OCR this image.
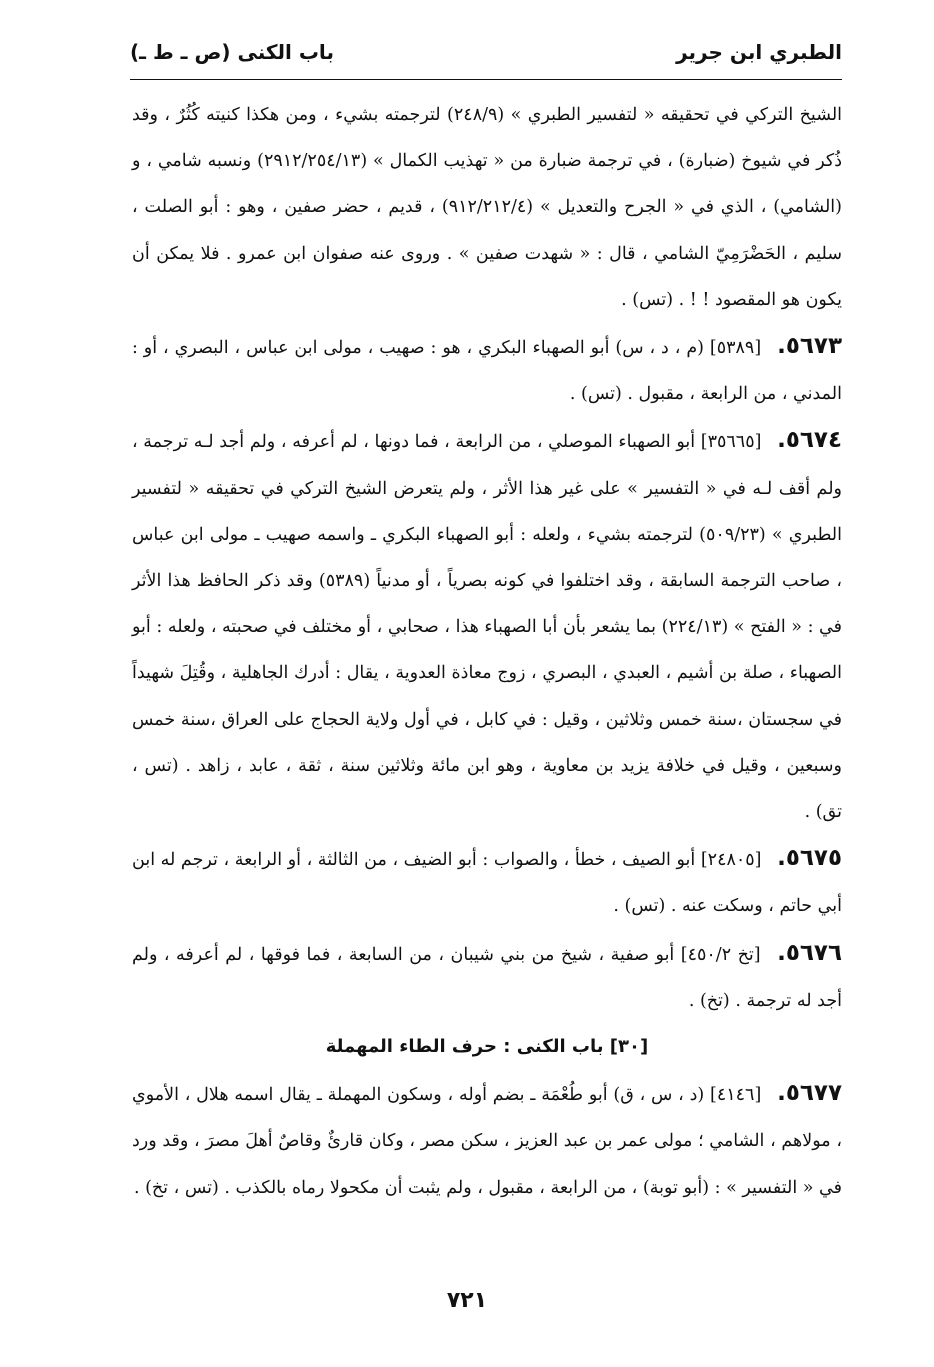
الطبري ابن جرير
باب الكنى (ص ـ ط ـ)

الشيخ التركي في تحقيقه « لتفسير الطبري » (٢٤٨/٩) لترجمته بشيء ، ومن هكذا كنيته كُثُرٌ ، وقد ذُكر في شيوخ (ضبارة) ، في ترجمة ضبارة من « تهذيب الكمال » (٢٩١٢/٢٥٤/١٣) ونسبه شامي ، و (الشامي) ، الذي في « الجرح والتعديل » (٩١٢/٢١٢/٤) ، قديم ، حضر صفين ، وهو : أبو الصلت ، سليم ، الحَضْرَمِيّ الشامي ، قال : « شهدت صفين » . وروى عنه صفوان ابن عمرو . فلا يمكن أن يكون هو المقصود ! ! . (تس) .

٥٦٧٣. [٥٣٨٩] (م ، د ، س) أبو الصهباء البكري ، هو : صهيب ، مولى ابن عباس ، البصري ، أو : المدني ، من الرابعة ، مقبول . (تس) .

٥٦٧٤. [٣٥٦٦٥] أبو الصهباء الموصلي ، من الرابعة ، فما دونها ، لم أعرفه ، ولم أجد لـه ترجمة ، ولم أقف لـه في « التفسير » على غير هذا الأثر ، ولم يتعرض الشيخ التركي في تحقيقه « لتفسير الطبري » (٥٠٩/٢٣) لترجمته بشيء ، ولعله : أبو الصهباء البكري ـ واسمه صهيب ـ مولى ابن عباس ، صاحب الترجمة السابقة ، وقد اختلفوا في كونه بصرياً ، أو مدنياً (٥٣٨٩) وقد ذكر الحافظ هذا الأثر في : « الفتح » (٢٢٤/١٣) بما يشعر بأن أبا الصهباء هذا ، صحابي ، أو مختلف في صحبته ، ولعله : أبو الصهباء ، صلة بن أشيم ، العبدي ، البصري ، زوج معاذة العدوية ، يقال : أدرك الجاهلية ، وقُتِلَ شهيداً في سجستان ،سنة خمس وثلاثين ، وقيل : في كابل ، في أول ولاية الحجاج على العراق ،سنة خمس وسبعين ، وقيل في خلافة يزيد بن معاوية ، وهو ابن مائة وثلاثين سنة ، ثقة ، عابد ، زاهد . (تس ، تق) .

٥٦٧٥. [٢٤٨٠٥] أبو الصيف ، خطأ ، والصواب : أبو الضيف ، من الثالثة ، أو الرابعة ، ترجم له ابن أبي حاتم ، وسكت عنه . (تس) .

٥٦٧٦. [تخ ٤٥٠/٢] أبو صفية ، شيخ من بني شيبان ، من السابعة ، فما فوقها ، لم أعرفه ، ولم أجد له ترجمة . (تخ) .

[٣٠] باب الكنى : حرف الطاء المهملة

٥٦٧٧. [٤١٤٦] (د ، س ، ق) أبو طُعْمَة ـ بضم أوله ، وسكون المهملة ـ يقال اسمه هلال ، الأموي ، مولاهم ، الشامي ؛ مولى عمر بن عبد العزيز ، سكن مصر ، وكان قارئٌ وقاصٌ أهلَ مصرَ ، وقد ورد في « التفسير » : (أبو توبة) ، من الرابعة ، مقبول ، ولم يثبت أن مكحولا رماه بالكذب . (تس ، تخ) .

٧٢١
